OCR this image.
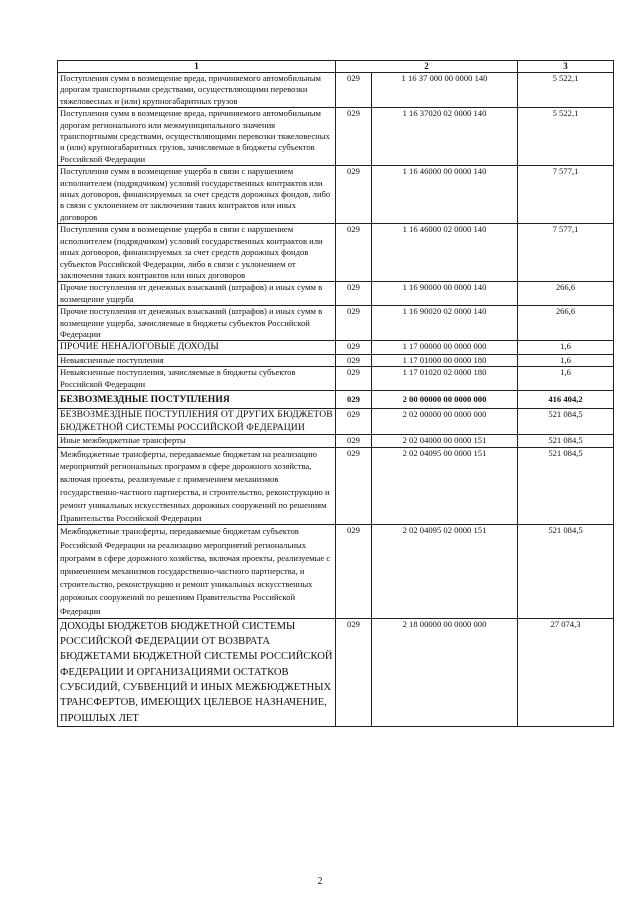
1	2		3
Поступления сумм в возмещение вреда, причиняемого автомобильным дорогам транспортными средствами, осуществляющими перевозки тяжеловесных и (или) крупногабаритных грузов	029	1 16 37 000 00 0000 140	5 522,1
Поступления сумм в возмещение вреда, причиняемого автомобильным дорогам регионального или межмуниципального значения транспортными средствами, осуществляющими перевозки тяжеловесных и (или) крупногабаритных грузов, зачисляемые в бюджеты субъектов Российской Федерации	029	1 16 37020 02 0000 140	5 522,1
Поступления сумм в возмещение ущерба в связи с нарушением исполнителем (подрядчиком) условий государственных контрактов или иных договоров, финансируемых за счет средств дорожных фондов, либо в связи с уклонением от заключения таких контрактов или иных договоров	029	1 16 46000 00 0000 140	7 577,1
Поступления сумм в возмещение ущерба в связи с нарушением исполнителем (подрядчиком) условий государственных контрактов или иных договоров, финансируемых за счет средств дорожных фондов субъектов Российской Федерации, либо в связи с уклонением от заключения таких контрактов или иных договоров	029	1 16 46000 02 0000 140	7 577,1
Прочие поступления от денежных взысканий (штрафов) и иных сумм в возмещение ущерба	029	1 16 90000 00 0000 140	266,6
Прочие поступления от денежных взысканий (штрафов) и иных сумм в возмещение ущерба, зачисляемые в бюджеты субъектов Российской Федерации	029	1 16 90020 02 0000 140	266,6
ПРОЧИЕ НЕНАЛОГОВЫЕ ДОХОДЫ	029	1 17 00000 00 0000 000	1,6
Невыясненные поступления	029	1 17 01000 00 0000 180	1,6
Невыясненные поступления, зачисляемые в бюджеты субъектов Российской Федерации	029	1 17 01020 02 0000 180	1,6
БЕЗВОЗМЕЗДНЫЕ ПОСТУПЛЕНИЯ	029	2 00 00000 00 0000 000	416 404,2
БЕЗВОЗМЕЗДНЫЕ ПОСТУПЛЕНИЯ ОТ ДРУГИХ БЮДЖЕТОВ БЮДЖЕТНОЙ СИСТЕМЫ РОССИЙСКОЙ ФЕДЕРАЦИИ	029	2 02 00000 00 0000 000	521 084,5
Иные межбюджетные трансферты	029	2 02 04000 00 0000 151	521 084,5
Межбюджетные трансферты, передаваемые бюджетам на реализацию мероприятий региональных программ в сфере дорожного хозяйства, включая проекты, реализуемые с применением механизмов государственно-частного партнерства, и строительство, реконструкцию и ремонт уникальных искусственных дорожных сооружений по решениям Правительства Российской Федерации	029	2 02 04095 00 0000 151	521 084,5
Межбюджетные трансферты, передаваемые бюджетам субъектов Российской Федерации на реализацию мероприятий региональных программ в сфере дорожного хозяйства, включая проекты, реализуемые с применением механизмов государственно-частного партнерства, и строительство, реконструкцию и ремонт уникальных искусственных дорожных сооружений по решениям Правительства Российской Федерации	029	2 02 04095 02 0000 151	521 084,5
ДОХОДЫ БЮДЖЕТОВ БЮДЖЕТНОЙ СИСТЕМЫ РОССИЙСКОЙ ФЕДЕРАЦИИ ОТ ВОЗВРАТА БЮДЖЕТАМИ БЮДЖЕТНОЙ СИСТЕМЫ РОССИЙСКОЙ ФЕДЕРАЦИИ И ОРГАНИЗАЦИЯМИ ОСТАТКОВ СУБСИДИЙ, СУБВЕНЦИЙ И ИНЫХ МЕЖБЮДЖЕТНЫХ ТРАНСФЕРТОВ, ИМЕЮЩИХ ЦЕЛЕВОЕ НАЗНАЧЕНИЕ, ПРОШЛЫХ ЛЕТ	029	2 18 00000 00 0000 000	27 074,3
2
